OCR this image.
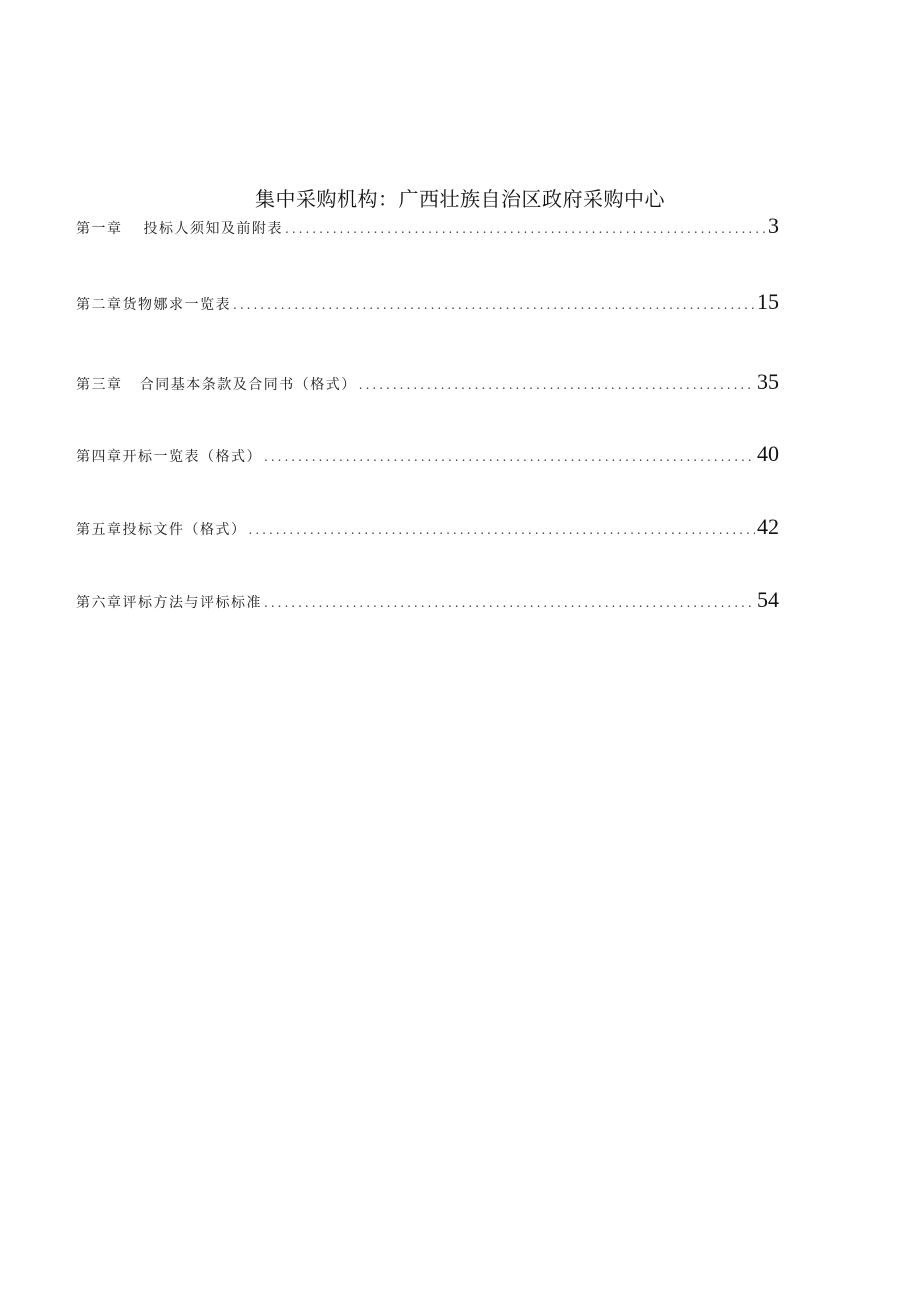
集中采购机构：广西壮族自治区政府采购中心
第一章 投标人须知及前附表 .....	3
第二章 货物娜求一览表 .....	15
第三章 合同基本条款及合同书（格式） .....	35
第四章 开标一览表（格式） .....	40
第五章 投标文件（格式） .....	42
第六章 评标方法与评标标准 .....	54
